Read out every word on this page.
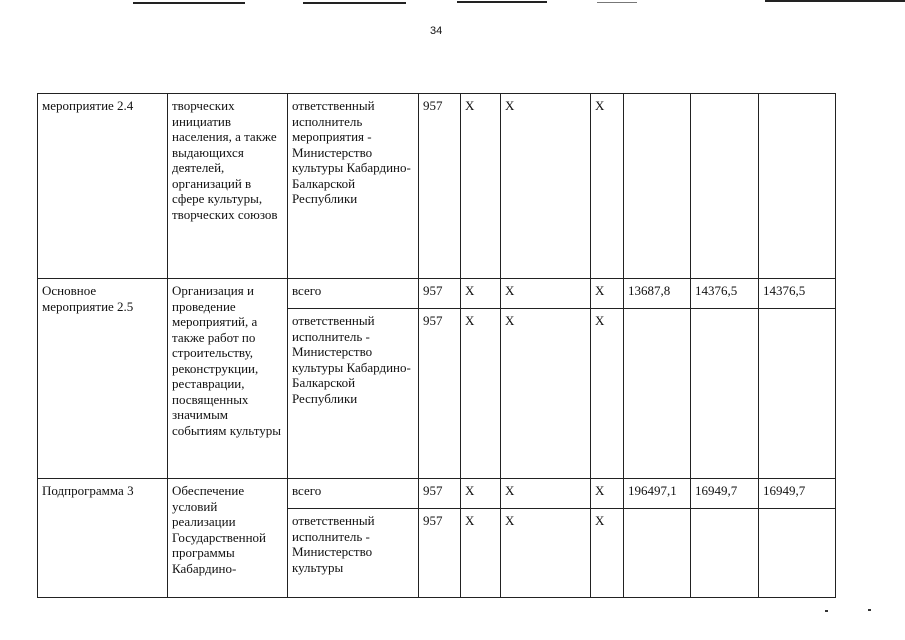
34
мероприятие 2.4	творческих инициатив населения, а также выдающихся деятелей, организаций в сфере культуры, творческих союзов	ответственный исполнитель мероприятия - Министерство культуры Кабардино-Балкарской Республики	957	X	X	X			
Основное мероприятие 2.5	Организация и проведение мероприятий, а также работ по строительству, реконструкции, реставрации, посвященных значимым событиям культуры	всего	957	X	X	X	13687,8	14376,5	14376,5
		ответственный исполнитель - Министерство культуры Кабардино-Балкарской Республики	957	X	X	X			
Подпрограмма 3	Обеспечение условий реализации Государственной программы Кабардино-	всего	957	X	X	X	196497,1	16949,7	16949,7
		ответственный исполнитель - Министерство культуры	957	X	X	X			
